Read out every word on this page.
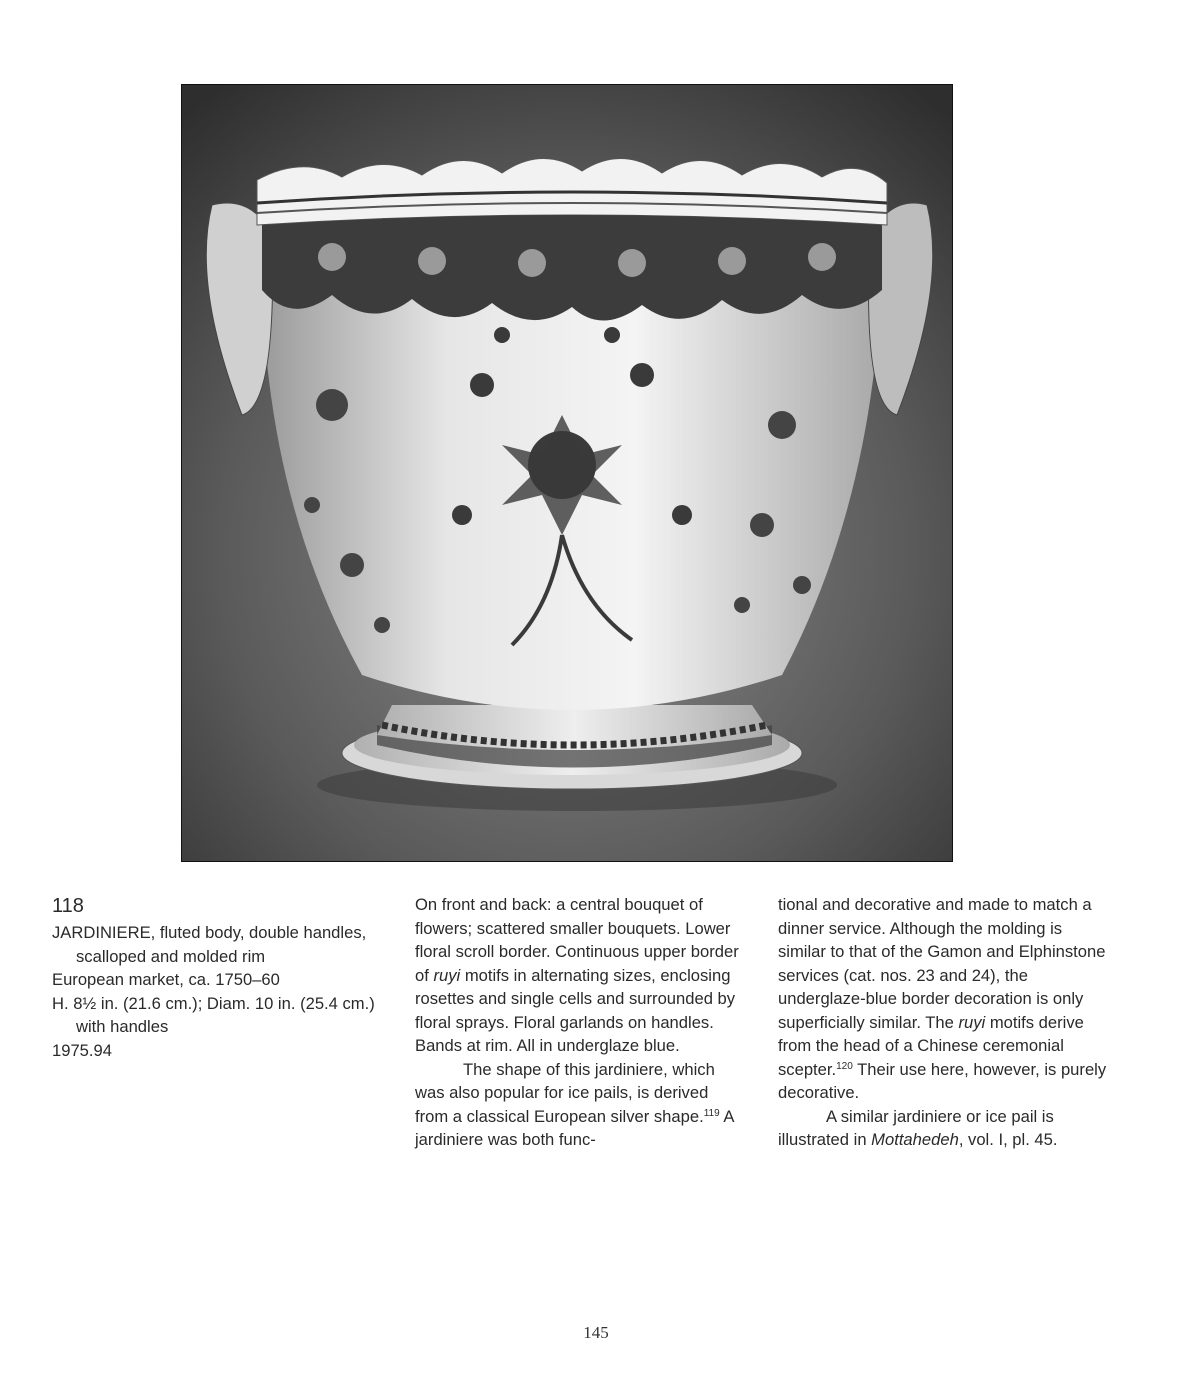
118

JARDINIERE, fluted body, double handles, scalloped and molded rim

European market, ca. 1750–60

H. 8½ in. (21.6 cm.); Diam. 10 in. (25.4 cm.) with handles

1975.94

On front and back: a central bouquet of flowers; scattered smaller bouquets. Lower floral scroll border. Continuous upper border of ruyi motifs in alternating sizes, enclosing rosettes and single cells and surrounded by floral sprays. Floral garlands on handles. Bands at rim. All in underglaze blue.

The shape of this jardiniere, which was also popular for ice pails, is derived from a classical European silver shape.$^{119}$ A jardiniere was both func-

tional and decorative and made to match a dinner service. Although the molding is similar to that of the Gamon and Elphinstone services (cat. nos. 23 and 24), the underglaze-blue border decoration is only superficially similar. The ruyi motifs derive from the head of a Chinese ceremonial scepter.$^{120}$ Their use here, however, is purely decorative.

A similar jardiniere or ice pail is illustrated in Mottahedeh, vol. I, pl. 45.

145
